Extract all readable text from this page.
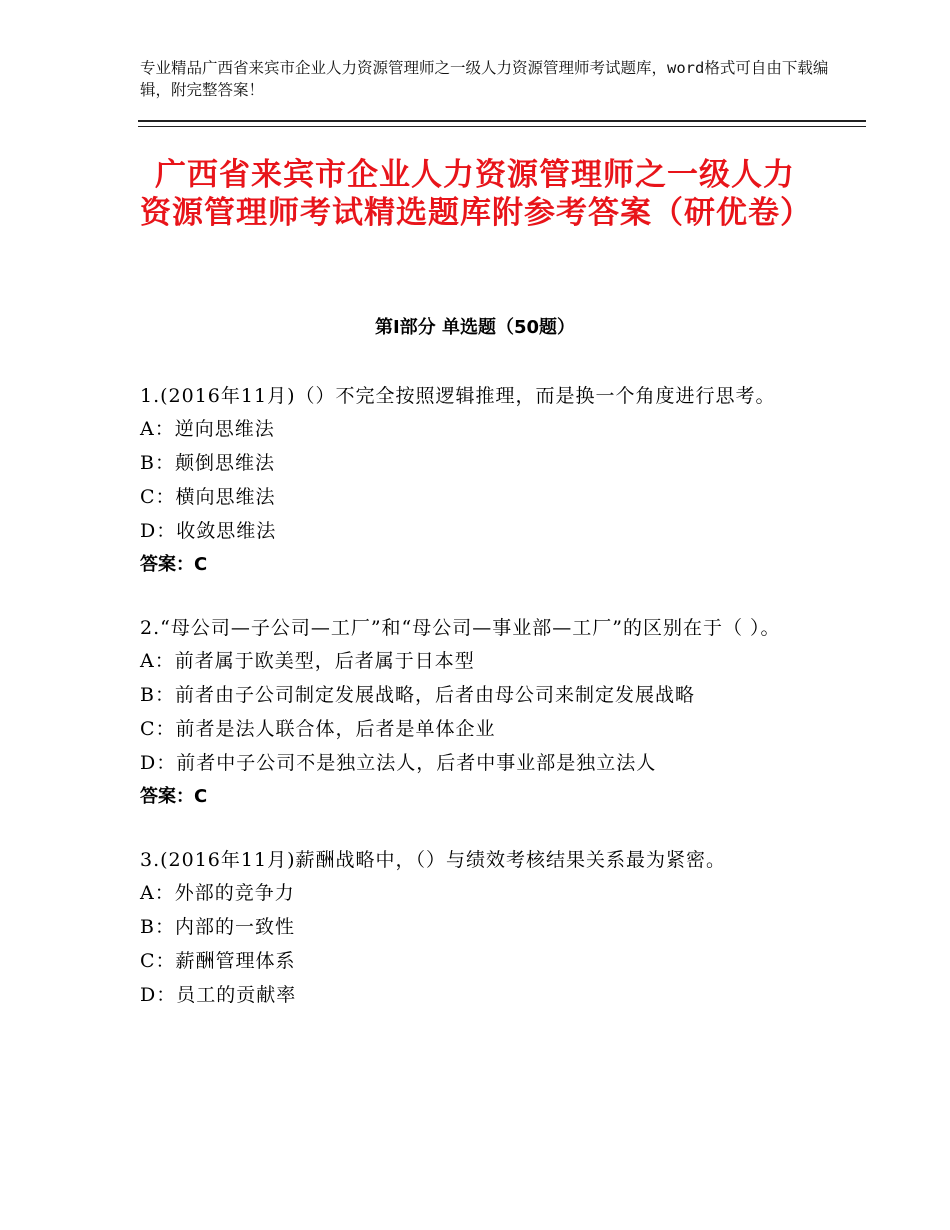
专业精品广西省来宾市企业人力资源管理师之一级人力资源管理师考试题库，word格式可自由下载编辑，附完整答案！
广西省来宾市企业人力资源管理师之一级人力资源管理师考试精选题库附参考答案（研优卷）
第Ⅰ部分 单选题（50题）

1.(2016年11月)（）不完全按照逻辑推理，而是换一个角度进行思考。

A：逆向思维法

B：颠倒思维法

C：横向思维法

D：收敛思维法

答案：C

2.“母公司—子公司—工厂”和“母公司—事业部—工厂”的区别在于（ ）。

A：前者属于欧美型，后者属于日本型

B：前者由子公司制定发展战略，后者由母公司来制定发展战略

C：前者是法人联合体，后者是单体企业

D：前者中子公司不是独立法人，后者中事业部是独立法人

答案：C

3.(2016年11月)薪酬战略中，（）与绩效考核结果关系最为紧密。

A：外部的竞争力

B：内部的一致性

C：薪酬管理体系

D：员工的贡献率
